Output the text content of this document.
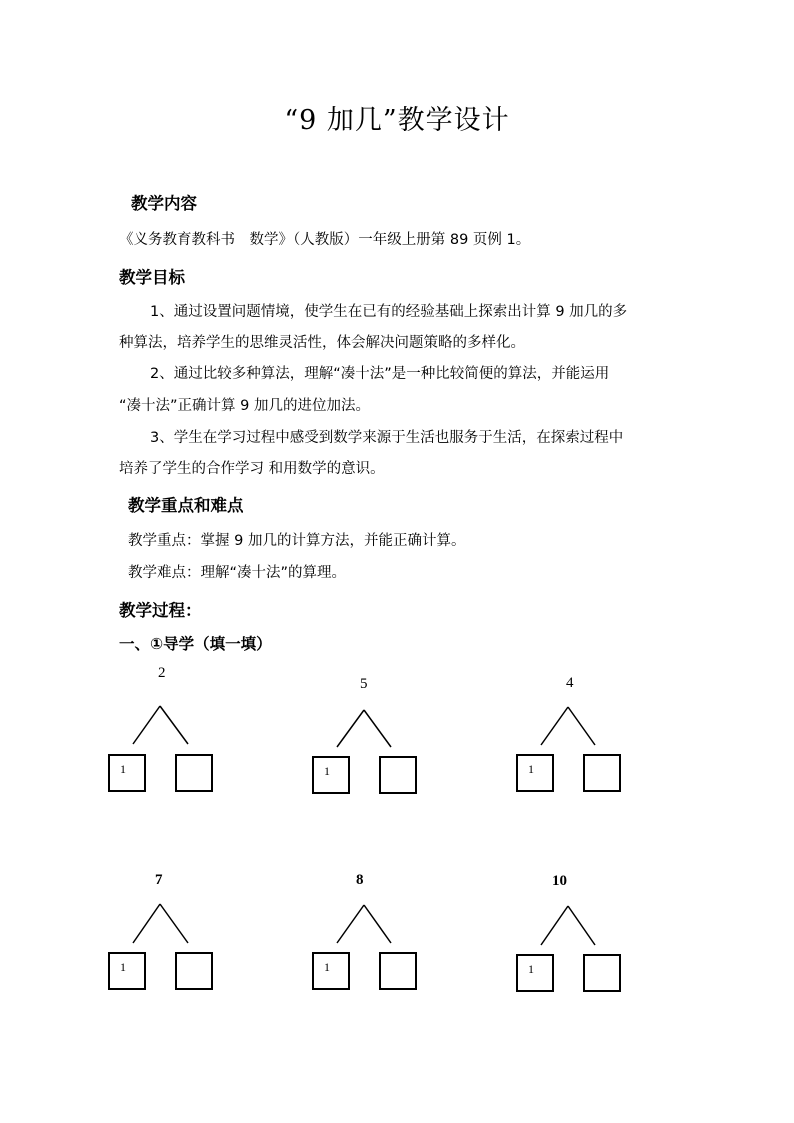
“9 加几”教学设计
教学内容
《义务教育教科书　数学》（人教版）一年级上册第 89 页例 1。
教学目标
1、通过设置问题情境，使学生在已有的经验基础上探索出计算 9 加几的多
种算法，培养学生的思维灵活性，体会解决问题策略的多样化。
2、通过比较多种算法，理解“凑十法”是一种比较简便的算法，并能运用
“凑十法”正确计算 9 加几的进位加法。
3、学生在学习过程中感受到数学来源于生活也服务于生活，在探索过程中
培养了学生的合作学习 和用数学的意识。
教学重点和难点
教学重点：掌握 9 加几的计算方法，并能正确计算。
教学难点：理解“凑十法”的算理。
教学过程：
一、①导学（填一填）
2
1
5
1
4
1
7
1
8
1
10
1
